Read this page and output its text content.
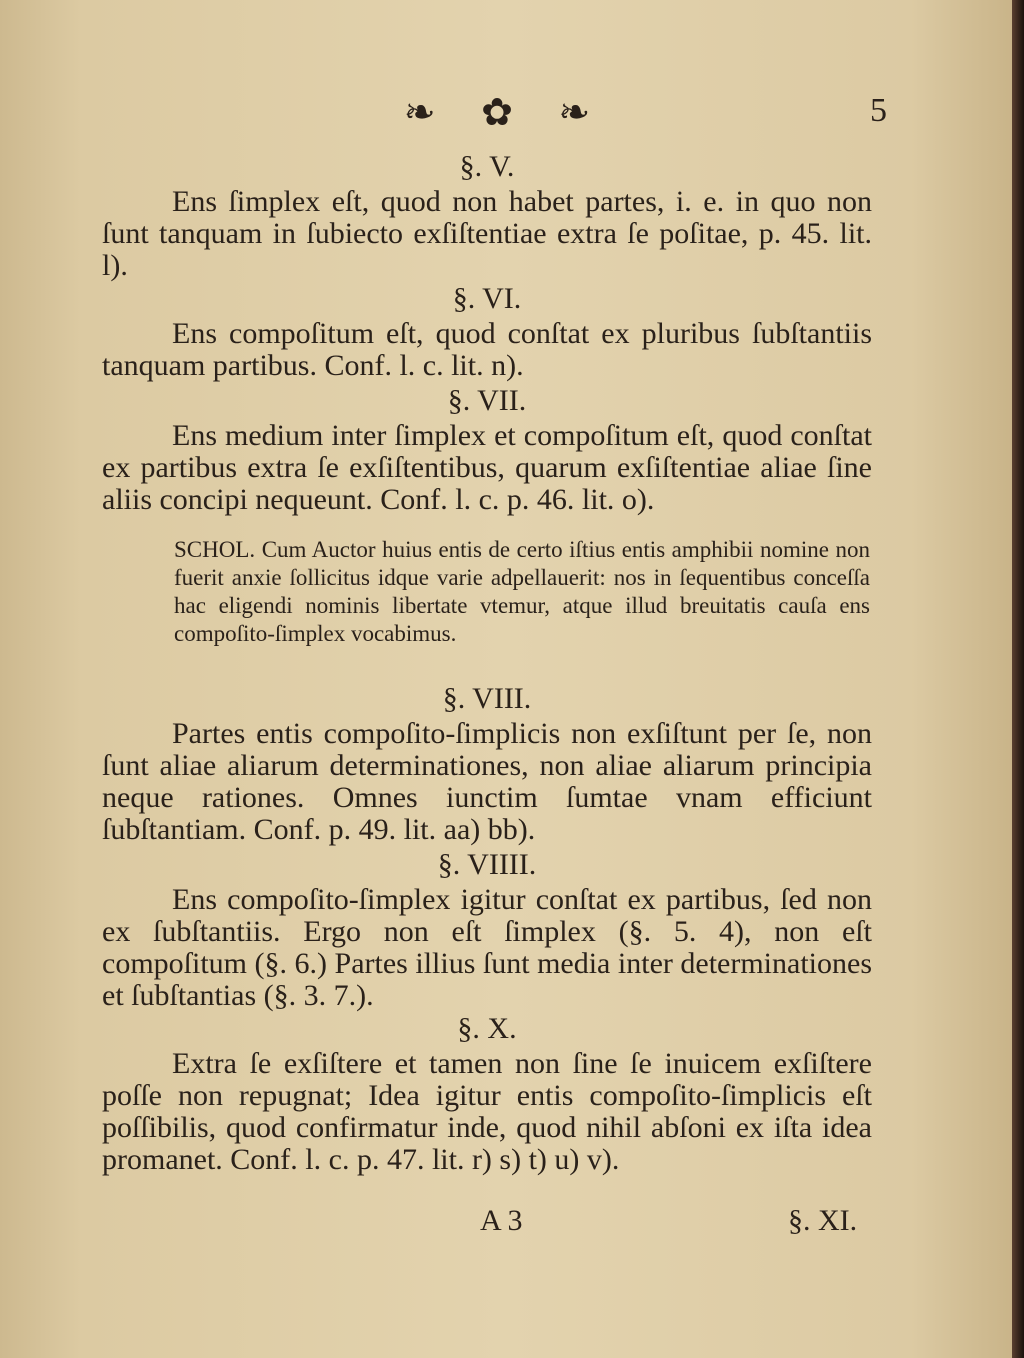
❧ ✿ ❧	5
§. V.

Ens ſimplex eſt, quod non habet partes, i. e. in quo non ſunt tanquam in ſubiecto exſiſtentiae extra ſe poſitae, p. 45. lit. l).

§. VI.

Ens compoſitum eſt, quod conſtat ex pluribus ſubſtantiis tanquam partibus. Conf. l. c. lit. n).

§. VII.

Ens medium inter ſimplex et compoſitum eſt, quod conſtat ex partibus extra ſe exſiſtentibus, quarum exſiſtentiae aliae ſine aliis concipi nequeunt. Conf. l. c. p. 46. lit. o).

SCHOL. Cum Auctor huius entis de certo iſtius entis amphibii nomine non fuerit anxie ſollicitus idque varie adpellauerit: nos in ſequentibus conceſſa hac eligendi nominis libertate vtemur, atque illud breuitatis cauſa ens compoſito-ſimplex vocabimus.
§. VIII.

Partes entis compoſito-ſimplicis non exſiſtunt per ſe, non ſunt aliae aliarum determinationes, non aliae aliarum principia neque rationes. Omnes iunctim ſumtae vnam efficiunt ſubſtantiam. Conf. p. 49. lit. aa) bb).

§. VIIII.

Ens compoſito-ſimplex igitur conſtat ex partibus, ſed non ex ſubſtantiis. Ergo non eſt ſimplex (§. 5. 4), non eſt compoſitum (§. 6.) Partes illius ſunt media inter determinationes et ſubſtantias (§. 3. 7.).

§. X.

Extra ſe exſiſtere et tamen non ſine ſe inuicem exſiſtere poſſe non repugnat; Idea igitur entis compoſito-ſimplicis eſt poſſibilis, quod confirmatur inde, quod nihil abſoni ex iſta idea promanet. Conf. l. c. p. 47. lit. r) s) t) u) v).

A 3	§. XI.
